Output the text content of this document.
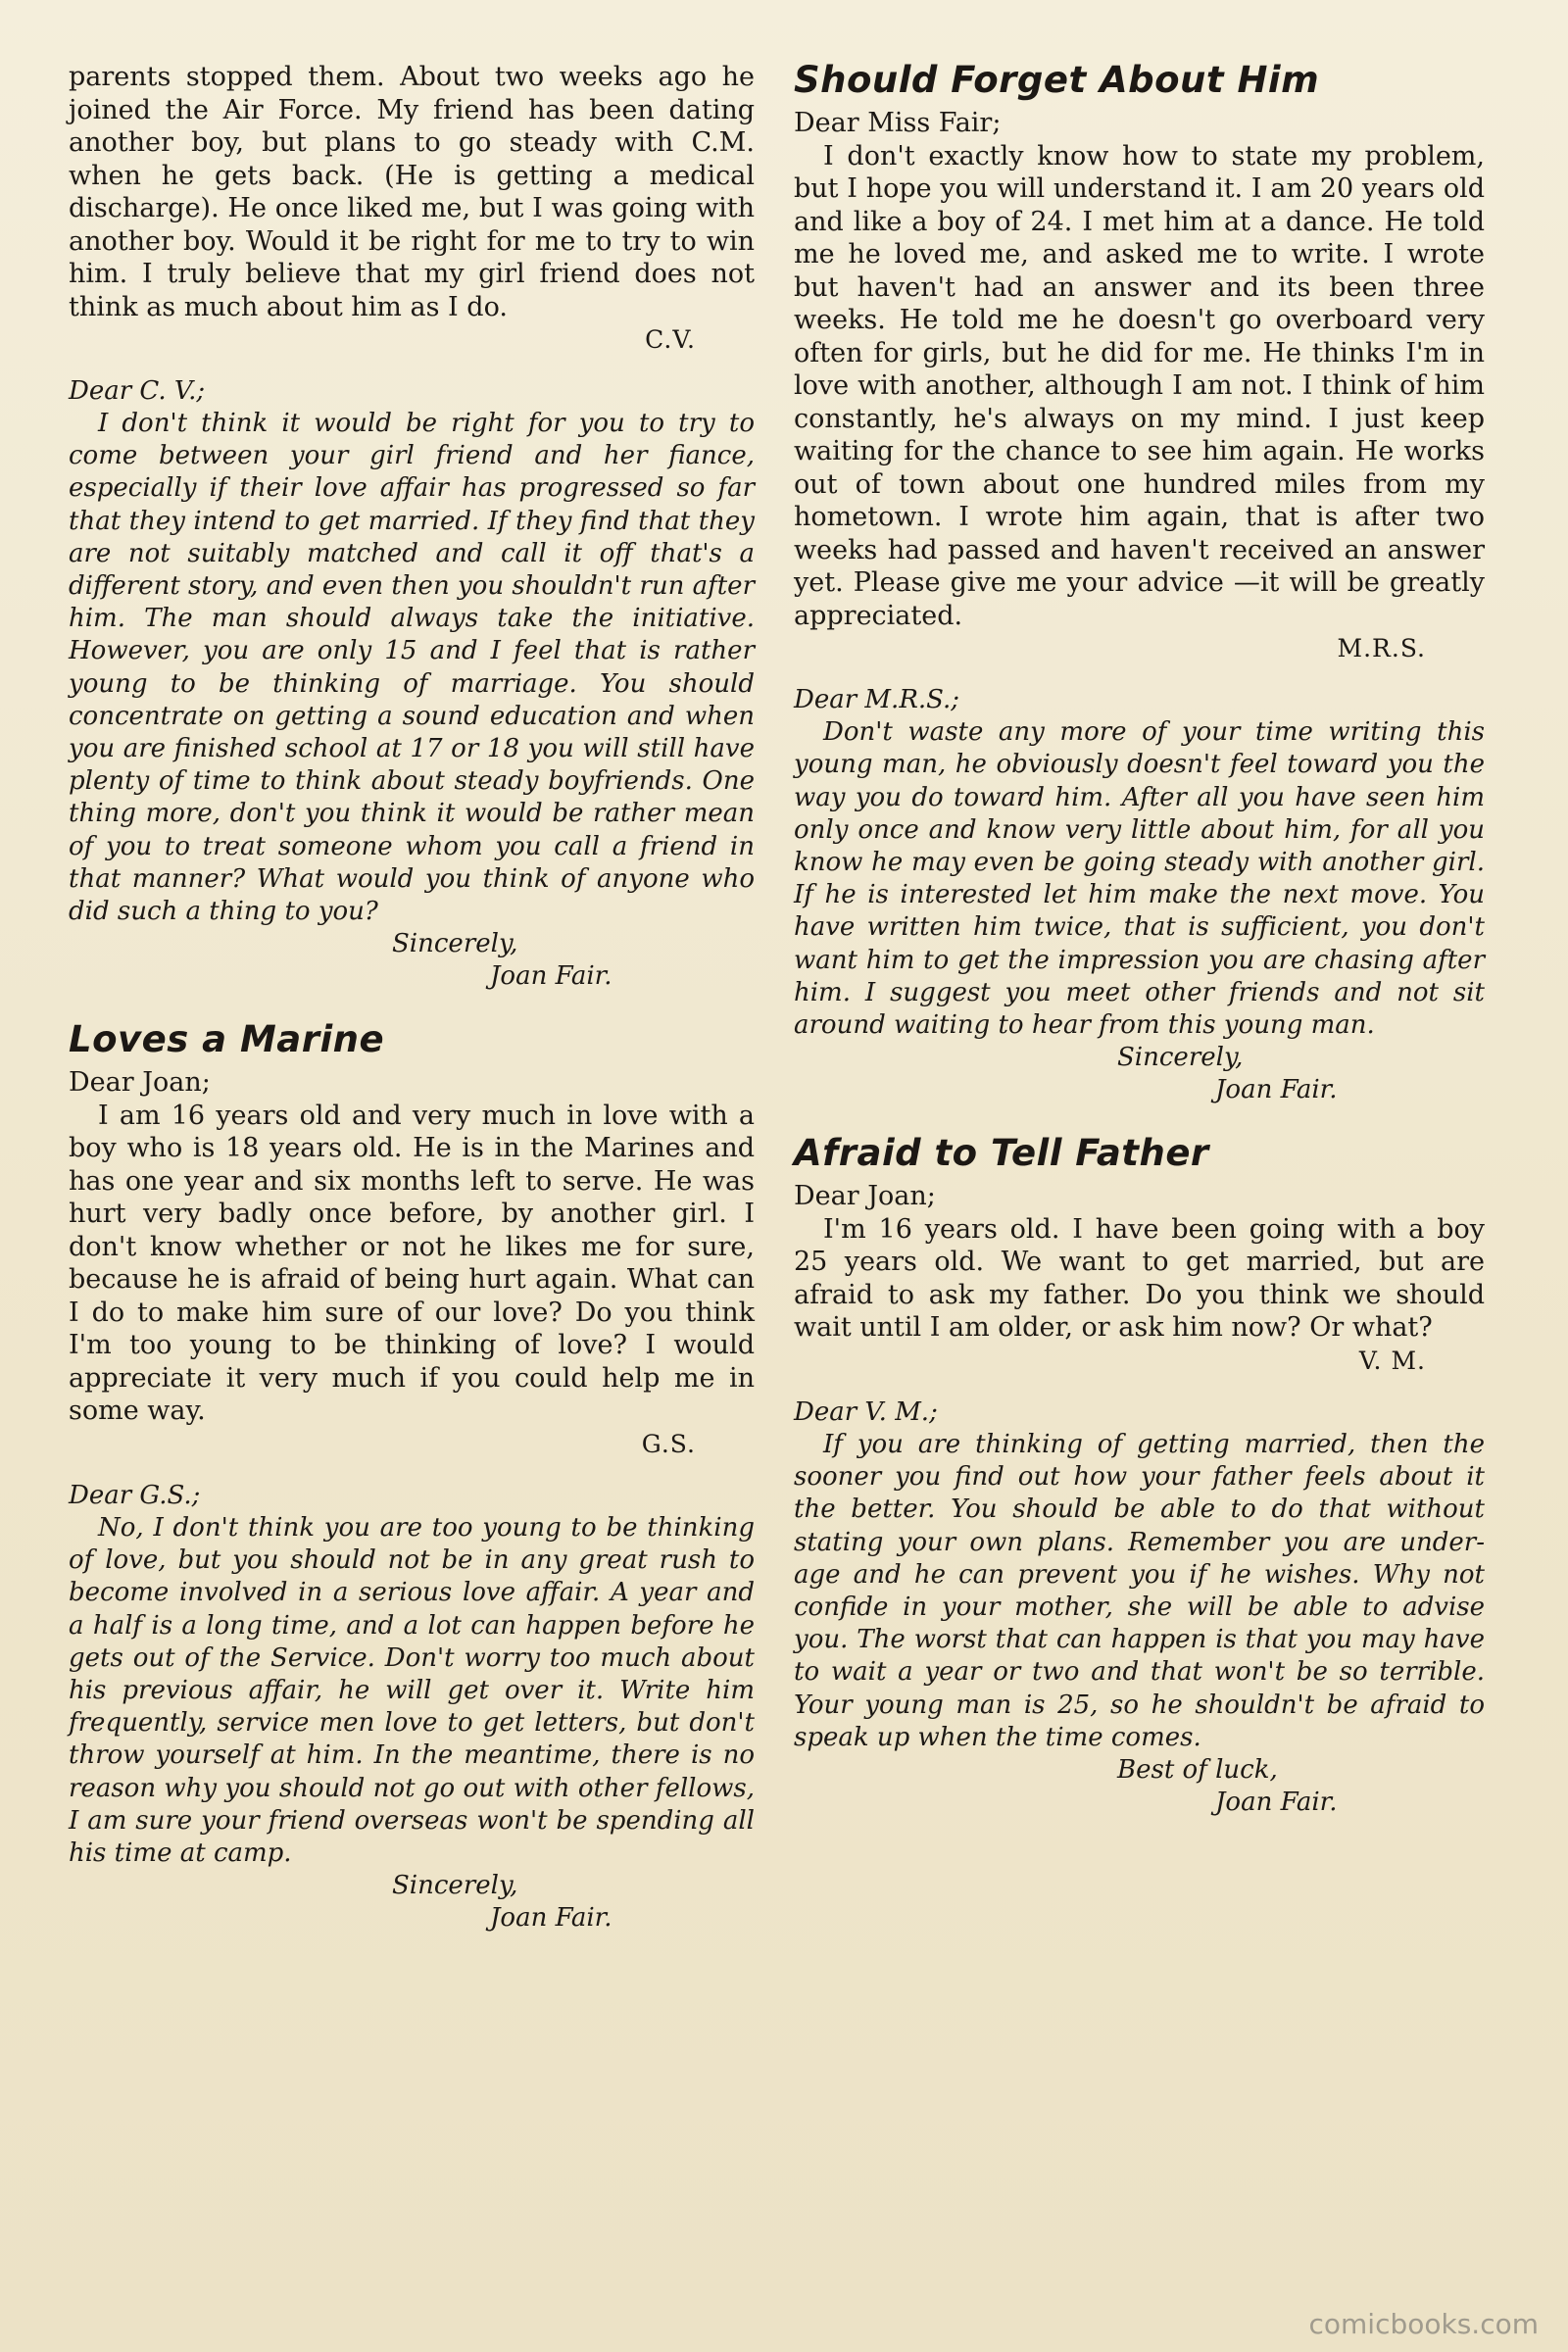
parents stopped them. About two weeks ago he joined the Air Force. My friend has been dating another boy, but plans to go steady with C.M. when he gets back. (He is getting a medical discharge). He once liked me, but I was going with another boy. Would it be right for me to try to win him. I truly believe that my girl friend does not think as much about him as I do.

C.V.

Dear C. V.;

I don't think it would be right for you to try to come between your girl friend and her fiance, especially if their love affair has progressed so far that they intend to get married. If they find that they are not suitably matched and call it off that's a different story, and even then you shouldn't run after him. The man should always take the initiative. However, you are only 15 and I feel that is rather young to be thinking of marriage. You should concentrate on getting a sound education and when you are finished school at 17 or 18 you will still have plenty of time to think about steady boyfriends. One thing more, don't you think it would be rather mean of you to treat someone whom you call a friend in that manner? What would you think of anyone who did such a thing to you?

Sincerely,

Joan Fair.

Loves a Marine

Dear Joan;

I am 16 years old and very much in love with a boy who is 18 years old. He is in the Marines and has one year and six months left to serve. He was hurt very badly once before, by another girl. I don't know whether or not he likes me for sure, because he is afraid of being hurt again. What can I do to make him sure of our love? Do you think I'm too young to be thinking of love? I would appreciate it very much if you could help me in some way.

G.S.

Dear G.S.;

No, I don't think you are too young to be thinking of love, but you should not be in any great rush to become involved in a serious love affair. A year and a half is a long time, and a lot can happen before he gets out of the Service. Don't worry too much about his previous affair, he will get over it. Write him frequently, service men love to get letters, but don't throw yourself at him. In the meantime, there is no reason why you should not go out with other fellows, I am sure your friend overseas won't be spending all his time at camp.

Sincerely,

Joan Fair.

Should Forget About Him

Dear Miss Fair;

I don't exactly know how to state my problem, but I hope you will understand it. I am 20 years old and like a boy of 24. I met him at a dance. He told me he loved me, and asked me to write. I wrote but haven't had an answer and its been three weeks. He told me he doesn't go overboard very often for girls, but he did for me. He thinks I'm in love with another, although I am not. I think of him constantly, he's always on my mind. I just keep waiting for the chance to see him again. He works out of town about one hundred miles from my hometown. I wrote him again, that is after two weeks had passed and haven't received an answer yet. Please give me your advice —it will be greatly appreciated.

M.R.S.

Dear M.R.S.;

Don't waste any more of your time writing this young man, he obviously doesn't feel toward you the way you do toward him. After all you have seen him only once and know very little about him, for all you know he may even be going steady with another girl. If he is interested let him make the next move. You have written him twice, that is sufficient, you don't want him to get the impression you are chasing after him. I suggest you meet other friends and not sit around waiting to hear from this young man.

Sincerely,

Joan Fair.

Afraid to Tell Father

Dear Joan;

I'm 16 years old. I have been going with a boy 25 years old. We want to get married, but are afraid to ask my father. Do you think we should wait until I am older, or ask him now? Or what?

V. M.

Dear V. M.;

If you are thinking of getting married, then the sooner you find out how your father feels about it the better. You should be able to do that without stating your own plans. Remember you are under-age and he can prevent you if he wishes. Why not confide in your mother, she will be able to advise you. The worst that can happen is that you may have to wait a year or two and that won't be so terrible. Your young man is 25, so he shouldn't be afraid to speak up when the time comes.

Best of luck,

Joan Fair.

comicbooks.com
